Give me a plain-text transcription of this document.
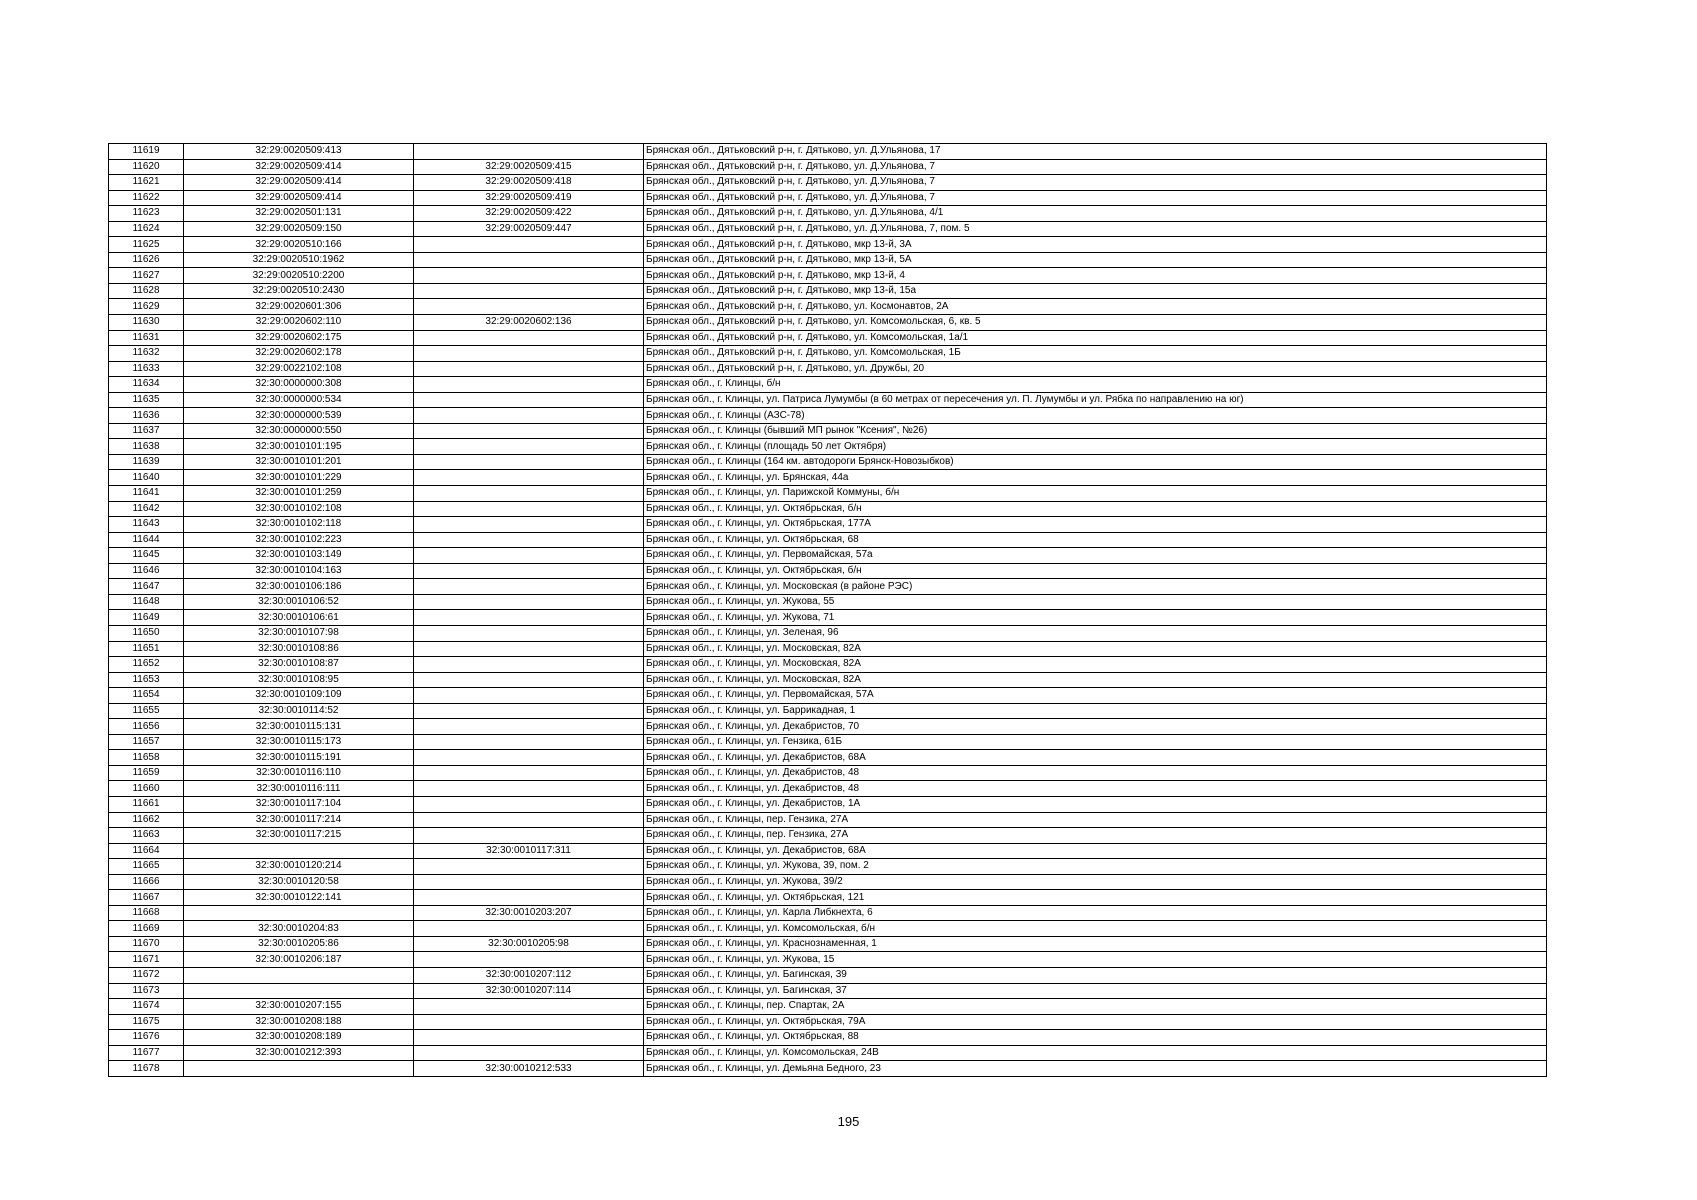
11619	32:29:0020509:413		Брянская обл., Дятьковский р-н, г. Дятьково, ул. Д.Ульянова, 17
11620	32:29:0020509:414	32:29:0020509:415	Брянская обл., Дятьковский р-н, г. Дятьково, ул. Д.Ульянова, 7
11621	32:29:0020509:414	32:29:0020509:418	Брянская обл., Дятьковский р-н, г. Дятьково, ул. Д.Ульянова, 7
11622	32:29:0020509:414	32:29:0020509:419	Брянская обл., Дятьковский р-н, г. Дятьково, ул. Д.Ульянова, 7
11623	32:29:0020501:131	32:29:0020509:422	Брянская обл., Дятьковский р-н, г. Дятьково, ул. Д.Ульянова, 4/1
11624	32:29:0020509:150	32:29:0020509:447	Брянская обл., Дятьковский р-н, г. Дятьково, ул. Д.Ульянова, 7, пом. 5
11625	32:29:0020510:166		Брянская обл., Дятьковский р-н, г. Дятьково, мкр 13-й, 3А
11626	32:29:0020510:1962		Брянская обл., Дятьковский р-н, г. Дятьково, мкр 13-й, 5А
11627	32:29:0020510:2200		Брянская обл., Дятьковский р-н, г. Дятьково, мкр 13-й, 4
11628	32:29:0020510:2430		Брянская обл., Дятьковский р-н, г. Дятьково, мкр 13-й, 15а
11629	32:29:0020601:306		Брянская обл., Дятьковский р-н, г. Дятьково, ул. Космонавтов, 2А
11630	32:29:0020602:110	32:29:0020602:136	Брянская обл., Дятьковский р-н, г. Дятьково, ул. Комсомольская, 6, кв. 5
11631	32:29:0020602:175		Брянская обл., Дятьковский р-н, г. Дятьково, ул. Комсомольская, 1а/1
11632	32:29:0020602:178		Брянская обл., Дятьковский р-н, г. Дятьково, ул. Комсомольская, 1Б
11633	32:29:0022102:108		Брянская обл., Дятьковский р-н, г. Дятьково, ул. Дружбы, 20
11634	32:30:0000000:308		Брянская обл., г. Клинцы, б/н
11635	32:30:0000000:534		Брянская обл., г. Клинцы, ул. Патриса Лумумбы (в 60 метрах от пересечения ул. П. Лумумбы и ул. Рябка по направлению на юг)
11636	32:30:0000000:539		Брянская обл., г. Клинцы (АЗС-78)
11637	32:30:0000000:550		Брянская обл., г. Клинцы (бывший МП рынок "Ксения", №26)
11638	32:30:0010101:195		Брянская обл., г. Клинцы (площадь 50 лет Октября)
11639	32:30:0010101:201		Брянская обл., г. Клинцы (164 км. автодороги Брянск-Новозыбков)
11640	32:30:0010101:229		Брянская обл., г. Клинцы, ул. Брянская, 44а
11641	32:30:0010101:259		Брянская обл., г. Клинцы, ул. Парижской Коммуны, б/н
11642	32:30:0010102:108		Брянская обл., г. Клинцы, ул. Октябрьская, б/н
11643	32:30:0010102:118		Брянская обл., г. Клинцы, ул. Октябрьская, 177А
11644	32:30:0010102:223		Брянская обл., г. Клинцы, ул. Октябрьская, 68
11645	32:30:0010103:149		Брянская обл., г. Клинцы, ул. Первомайская, 57а
11646	32:30:0010104:163		Брянская обл., г. Клинцы, ул. Октябрьская, б/н
11647	32:30:0010106:186		Брянская обл., г. Клинцы, ул. Московская (в районе РЭС)
11648	32:30:0010106:52		Брянская обл., г. Клинцы, ул. Жукова, 55
11649	32:30:0010106:61		Брянская обл., г. Клинцы, ул. Жукова, 71
11650	32:30:0010107:98		Брянская обл., г. Клинцы, ул. Зеленая, 96
11651	32:30:0010108:86		Брянская обл., г. Клинцы, ул. Московская, 82А
11652	32:30:0010108:87		Брянская обл., г. Клинцы, ул. Московская, 82А
11653	32:30:0010108:95		Брянская обл., г. Клинцы, ул. Московская, 82А
11654	32:30:0010109:109		Брянская обл., г. Клинцы, ул. Первомайская, 57А
11655	32:30:0010114:52		Брянская обл., г. Клинцы, ул. Баррикадная, 1
11656	32:30:0010115:131		Брянская обл., г. Клинцы, ул. Декабристов, 70
11657	32:30:0010115:173		Брянская обл., г. Клинцы, ул. Гензика, 61Б
11658	32:30:0010115:191		Брянская обл., г. Клинцы, ул. Декабристов, 68А
11659	32:30:0010116:110		Брянская обл., г. Клинцы, ул. Декабристов, 48
11660	32:30:0010116:111		Брянская обл., г. Клинцы, ул. Декабристов, 48
11661	32:30:0010117:104		Брянская обл., г. Клинцы, ул. Декабристов, 1А
11662	32:30:0010117:214		Брянская обл., г. Клинцы, пер. Гензика, 27А
11663	32:30:0010117:215		Брянская обл., г. Клинцы, пер. Гензика, 27А
11664		32:30:0010117:311	Брянская обл., г. Клинцы, ул. Декабристов, 68А
11665	32:30:0010120:214		Брянская обл., г. Клинцы, ул. Жукова, 39, пом. 2
11666	32:30:0010120:58		Брянская обл., г. Клинцы, ул. Жукова, 39/2
11667	32:30:0010122:141		Брянская обл., г. Клинцы, ул. Октябрьская, 121
11668		32:30:0010203:207	Брянская обл., г. Клинцы, ул. Карла Либкнехта, 6
11669	32:30:0010204:83		Брянская обл., г. Клинцы, ул. Комсомольская, б/н
11670	32:30:0010205:86	32:30:0010205:98	Брянская обл., г. Клинцы, ул. Краснознаменная, 1
11671	32:30:0010206:187		Брянская обл., г. Клинцы, ул. Жукова, 15
11672		32:30:0010207:112	Брянская обл., г. Клинцы, ул. Багинская, 39
11673		32:30:0010207:114	Брянская обл., г. Клинцы, ул. Багинская, 37
11674	32:30:0010207:155		Брянская обл., г. Клинцы, пер. Спартак, 2А
11675	32:30:0010208:188		Брянская обл., г. Клинцы, ул. Октябрьская, 79А
11676	32:30:0010208:189		Брянская обл., г. Клинцы, ул. Октябрьская, 88
11677	32:30:0010212:393		Брянская обл., г. Клинцы, ул. Комсомольская, 24В
11678		32:30:0010212:533	Брянская обл., г. Клинцы, ул. Демьяна Бедного, 23
195
